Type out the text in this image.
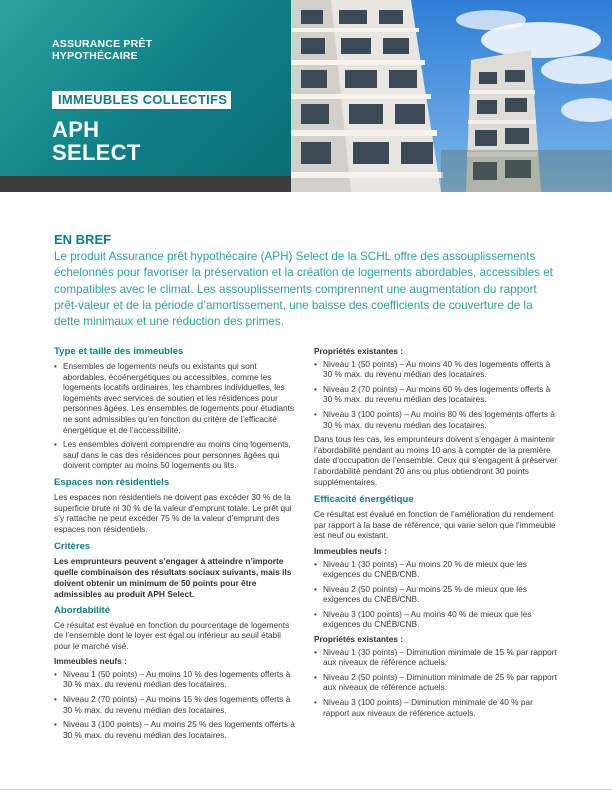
ASSURANCE PRÊT
HYPOTHÉCAIRE
IMMEUBLES COLLECTIFS
APH
SELECT
EN BREF

Le produit Assurance prêt hypothécaire (APH) Select de la SCHL offre des assouplissements échelonnés pour favoriser la préservation et la création de logements abordables, accessibles et compatibles avec le climat. Les assouplissements comprennent une augmentation du rapport prêt-valeur et de la période d’amortissement, une baisse des coefficients de couverture de la dette minimaux et une réduction des primes.

Type et taille des immeubles
• Ensembles de logements neufs ou existants qui sont abordables, écoénergétiques ou accessibles, comme les logements locatifs ordinaires, les chambres individuelles, les logements avec services de soutien et les résidences pour personnes âgées. Les ensembles de logements pour étudiants ne sont admissibles qu’en fonction du critère de l’efficacité énergétique et de l’accessibilité.
• Les ensembles doivent comprendre au moins cinq logements, sauf dans le cas des résidences pour personnes âgées qui doivent compter au moins 50 logements ou lits.
Espaces non résidentiels

Les espaces non résidentiels ne doivent pas excéder 30 % de la superficie brute ni 30 % de la valeur d’emprunt totale. Le prêt qui s’y rattache ne peut excéder 75 % de la valeur d’emprunt des espaces non résidentiels.

Critères

Les emprunteurs peuvent s’engager à atteindre n’importe quelle combinaison des résultats sociaux suivants, mais ils doivent obtenir un minimum de 50 points pour être admissibles au produit APH Select.

Abordabilité

Ce résultat est évalué en fonction du pourcentage de logements de l’ensemble dont le loyer est égal ou inférieur au seuil établi pour le marché visé.

Immeubles neufs :
• Niveau 1 (50 points) – Au moins 10 % des logements offerts à 30 % max. du revenu médian des locataires.
• Niveau 2 (70 points) – Au moins 15 % des logements offerts à 30 % max. du revenu médian des locataires.
• Niveau 3 (100 points) – Au moins 25 % des logements offerts à 30 % max. du revenu médian des locataires.
Propriétés existantes :
• Niveau 1 (50 points) – Au moins 40 % des logements offerts à 30 % max. du revenu médian des locataires.
• Niveau 2 (70 points) – Au moins 60 % des logements offerts à 30 % max. du revenu médian des locataires.
• Niveau 3 (100 points) – Au moins 80 % des logements offerts à 30 % max. du revenu médian des locataires.

Dans tous les cas, les emprunteurs doivent s’engager à maintenir l’abordabilité pendant au moins 10 ans à compter de la première date d’occupation de l’ensemble. Ceux qui s’engagent à préserver l’abordabilité pendant 20 ans ou plus obtiendront 30 points supplémentaires.

Efficacité énergétique

Ce résultat est évalué en fonction de l’amélioration du rendement par rapport à la base de référence, qui varie selon que l’immeuble est neuf ou existant.

Immeubles neufs :
• Niveau 1 (30 points) – Au moins 20 % de mieux que les exigences du CNÉB/CNB.
• Niveau 2 (50 points) – Au moins 25 % de mieux que les exigences du CNÉB/CNB.
• Niveau 3 (100 points) – Au moins 40 % de mieux que les exigences du CNÉB/CNB.
Propriétés existantes :
• Niveau 1 (30 points) – Diminution minimale de 15 % par rapport aux niveaux de référence actuels.
• Niveau 2 (50 points) – Diminution minimale de 25 % par rapport aux niveaux de référence actuels.
• Niveau 3 (100 points) – Diminution minimale de 40 % par rapport aux niveaux de référence actuels.
